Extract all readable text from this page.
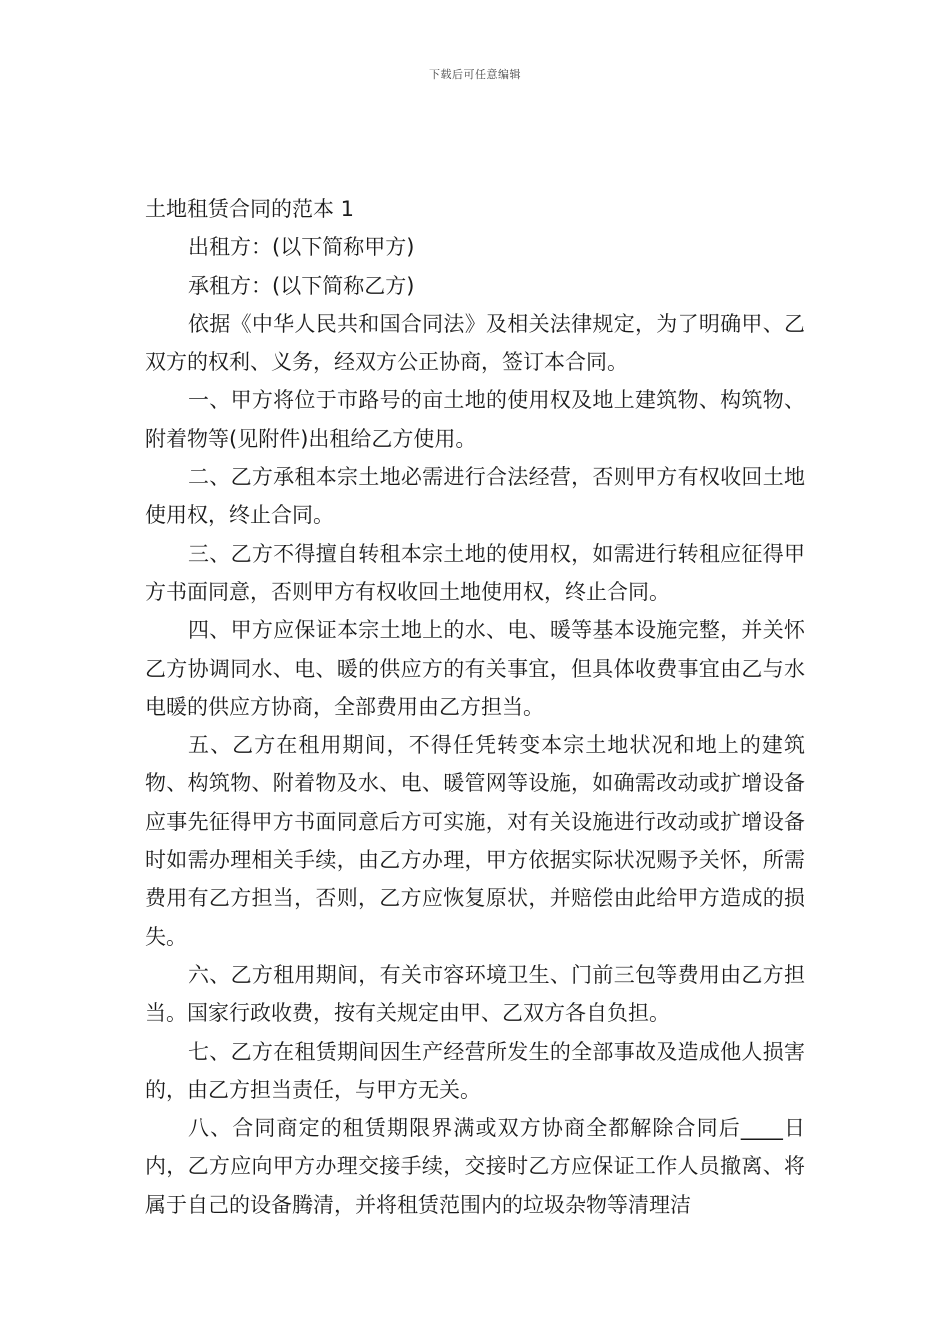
下载后可任意编辑
土地租赁合同的范本 1

出租方：(以下简称甲方)

承租方：(以下简称乙方)

依据《中华人民共和国合同法》及相关法律规定，为了明确甲、乙双方的权利、义务，经双方公正协商，签订本合同。

一、甲方将位于市路号的亩土地的使用权及地上建筑物、构筑物、附着物等(见附件)出租给乙方使用。

二、乙方承租本宗土地必需进行合法经营，否则甲方有权收回土地使用权，终止合同。

三、乙方不得擅自转租本宗土地的使用权，如需进行转租应征得甲方书面同意，否则甲方有权收回土地使用权，终止合同。

四、甲方应保证本宗土地上的水、电、暖等基本设施完整，并关怀乙方协调同水、电、暖的供应方的有关事宜，但具体收费事宜由乙与水电暖的供应方协商，全部费用由乙方担当。

五、乙方在租用期间，不得任凭转变本宗土地状况和地上的建筑物、构筑物、附着物及水、电、暖管网等设施，如确需改动或扩增设备应事先征得甲方书面同意后方可实施，对有关设施进行改动或扩增设备时如需办理相关手续，由乙方办理，甲方依据实际状况赐予关怀，所需费用有乙方担当，否则，乙方应恢复原状，并赔偿由此给甲方造成的损失。

六、乙方租用期间，有关市容环境卫生、门前三包等费用由乙方担当。国家行政收费，按有关规定由甲、乙双方各自负担。

七、乙方在租赁期间因生产经营所发生的全部事故及造成他人损害的，由乙方担当责任，与甲方无关。

八、合同商定的租赁期限界满或双方协商全都解除合同后____日内，乙方应向甲方办理交接手续，交接时乙方应保证工作人员撤离、将属于自己的设备腾清，并将租赁范围内的垃圾杂物等清理洁
